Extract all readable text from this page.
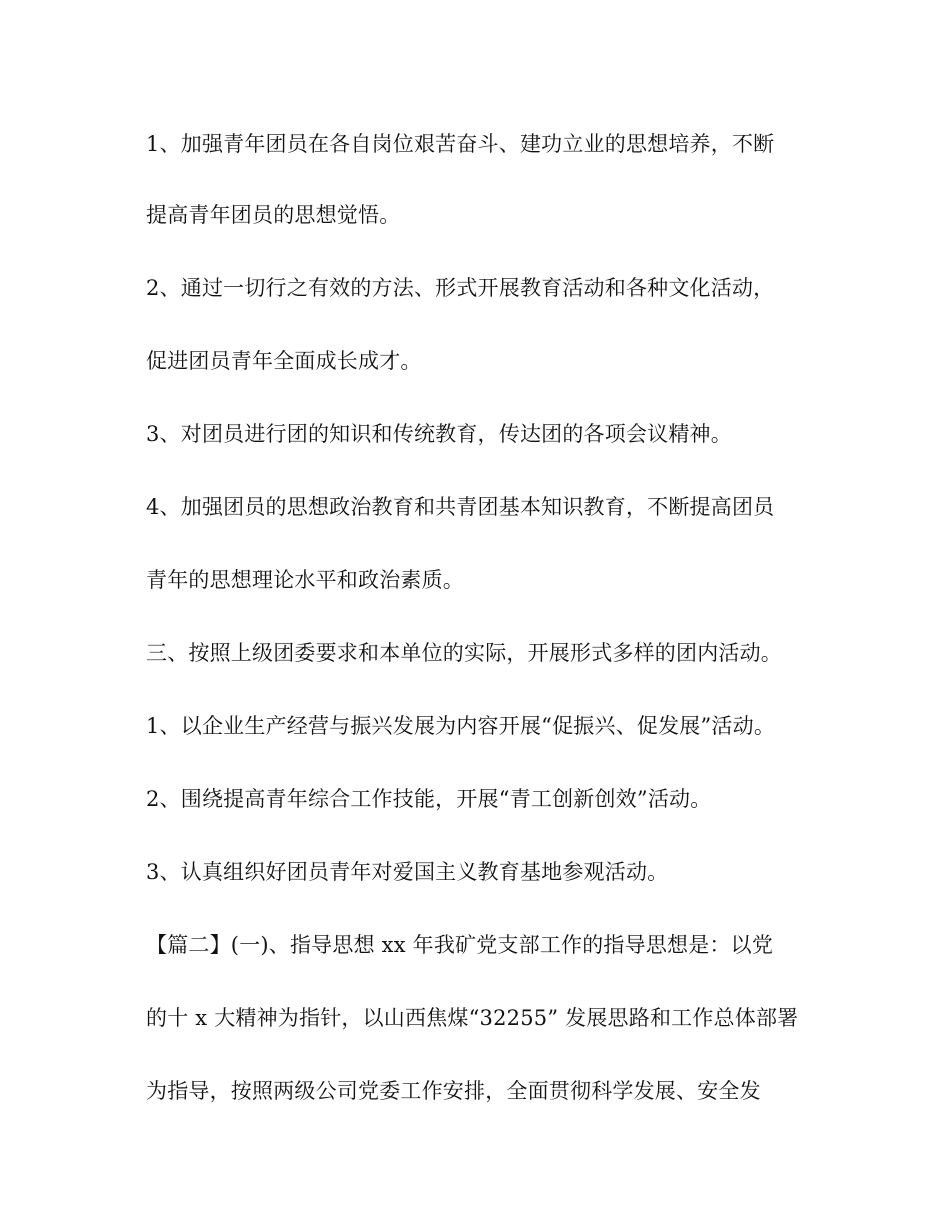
1、加强青年团员在各自岗位艰苦奋斗、建功立业的思想培养，不断
提高青年团员的思想觉悟。
2、通过一切行之有效的方法、形式开展教育活动和各种文化活动，
促进团员青年全面成长成才。
3、对团员进行团的知识和传统教育，传达团的各项会议精神。
4、加强团员的思想政治教育和共青团基本知识教育，不断提高团员
青年的思想理论水平和政治素质。
三、按照上级团委要求和本单位的实际，开展形式多样的团内活动。
1、以企业生产经营与振兴发展为内容开展“促振兴、促发展”活动。
2、围绕提高青年综合工作技能，开展“青工创新创效”活动。
3、认真组织好团员青年对爱国主义教育基地参观活动。
【篇二】(一)、指导思想 xx 年我矿党支部工作的指导思想是：以党
的十 x 大精神为指针，以山西焦煤“32255” 发展思路和工作总体部署
为指导，按照两级公司党委工作安排，全面贯彻科学发展、安全发
